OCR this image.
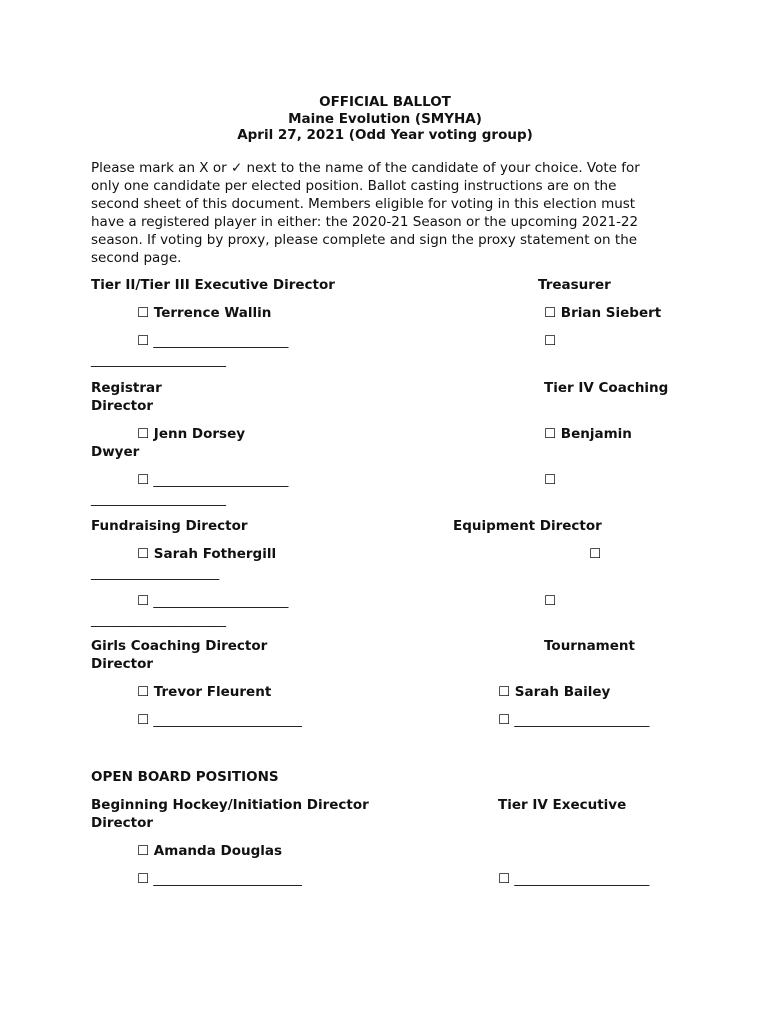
OFFICIAL BALLOT
Maine Evolution (SMYHA)
April 27, 2021 (Odd Year voting group)
Please mark an X or ✓ next to the name of the candidate of your choice. Vote for
only one candidate per elected position. Ballot casting instructions are on the
second sheet of this document. Members eligible for voting in this election must
have a registered player in either: the 2020-21 Season or the upcoming 2021-22
season. If voting by proxy, please complete and sign the proxy statement on the
second page.
Tier II/Tier III Executive Director	Treasurer
☐ Terrence Wallin	☐ Brian Siebert
☐ ____________________	☐
____________________
Registrar	Tier IV Coaching
Director
☐ Jenn Dorsey	☐ Benjamin
Dwyer
☐ ____________________	☐
____________________
Fundraising Director	Equipment Director
☐ Sarah Fothergill	☐
___________________
☐ ____________________	☐
____________________
Girls Coaching Director	Tournament
Director
☐ Trevor Fleurent	☐ Sarah Bailey
☐ ______________________	☐ ____________________
OPEN BOARD POSITIONS
Beginning Hockey/Initiation Director	Tier IV Executive
Director
☐ Amanda Douglas
☐ ______________________	☐ ____________________
